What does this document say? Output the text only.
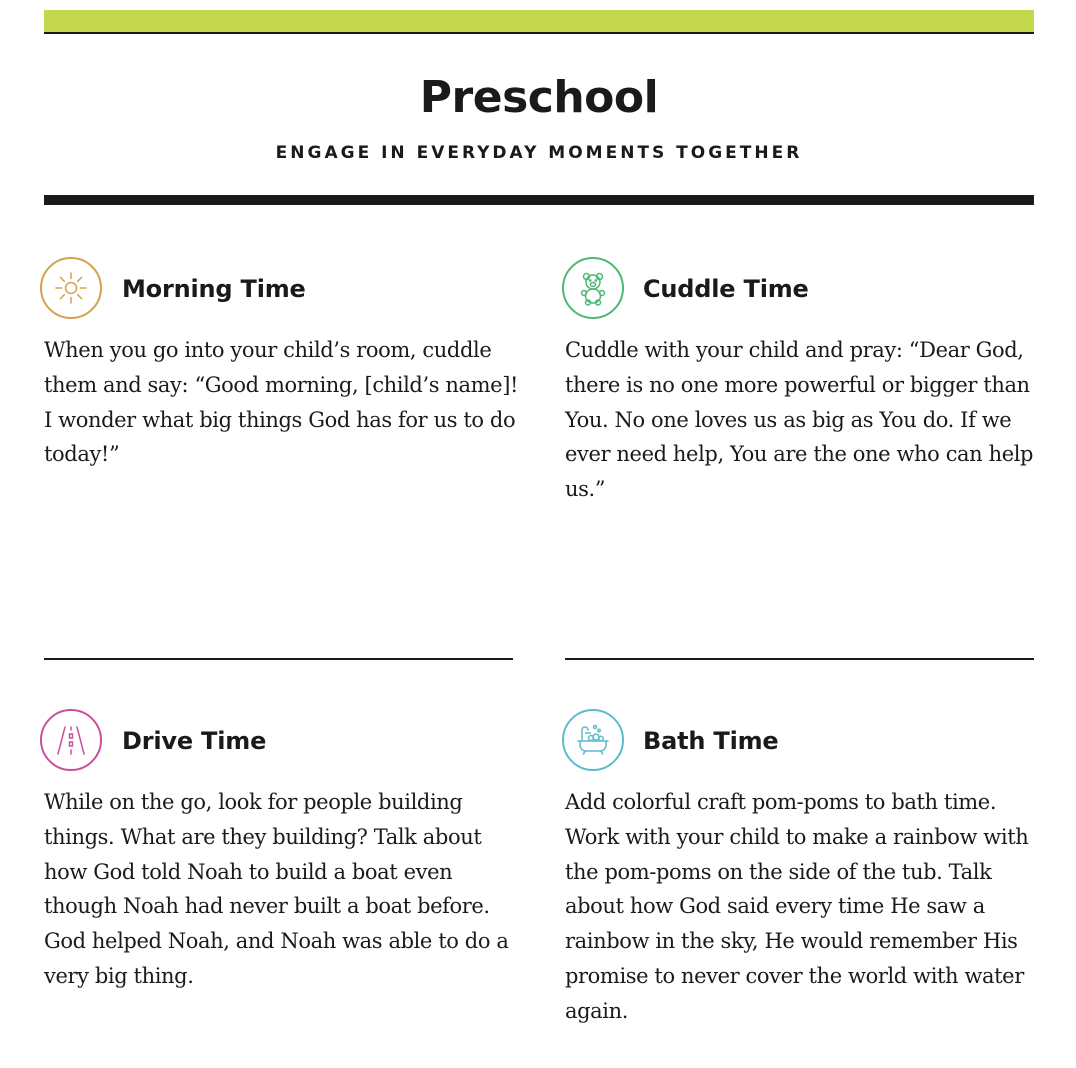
Preschool
ENGAGE IN EVERYDAY MOMENTS TOGETHER
Morning Time
When you go into your child’s room, cuddle them and say: “Good morning, [child’s name]! I wonder what big things God has for us to do today!”
Cuddle Time
Cuddle with your child and pray: “Dear God, there is no one more powerful or bigger than You. No one loves us as big as You do. If we ever need help, You are the one who can help us.”
Drive Time
While on the go, look for people building things. What are they building? Talk about how God told Noah to build a boat even though Noah had never built a boat before. God helped Noah, and Noah was able to do a very big thing.
Bath Time
Add colorful craft pom-poms to bath time. Work with your child to make a rainbow with the pom-poms on the side of the tub. Talk about how God said every time He saw a rainbow in the sky, He would remember His promise to never cover the world with water again.
